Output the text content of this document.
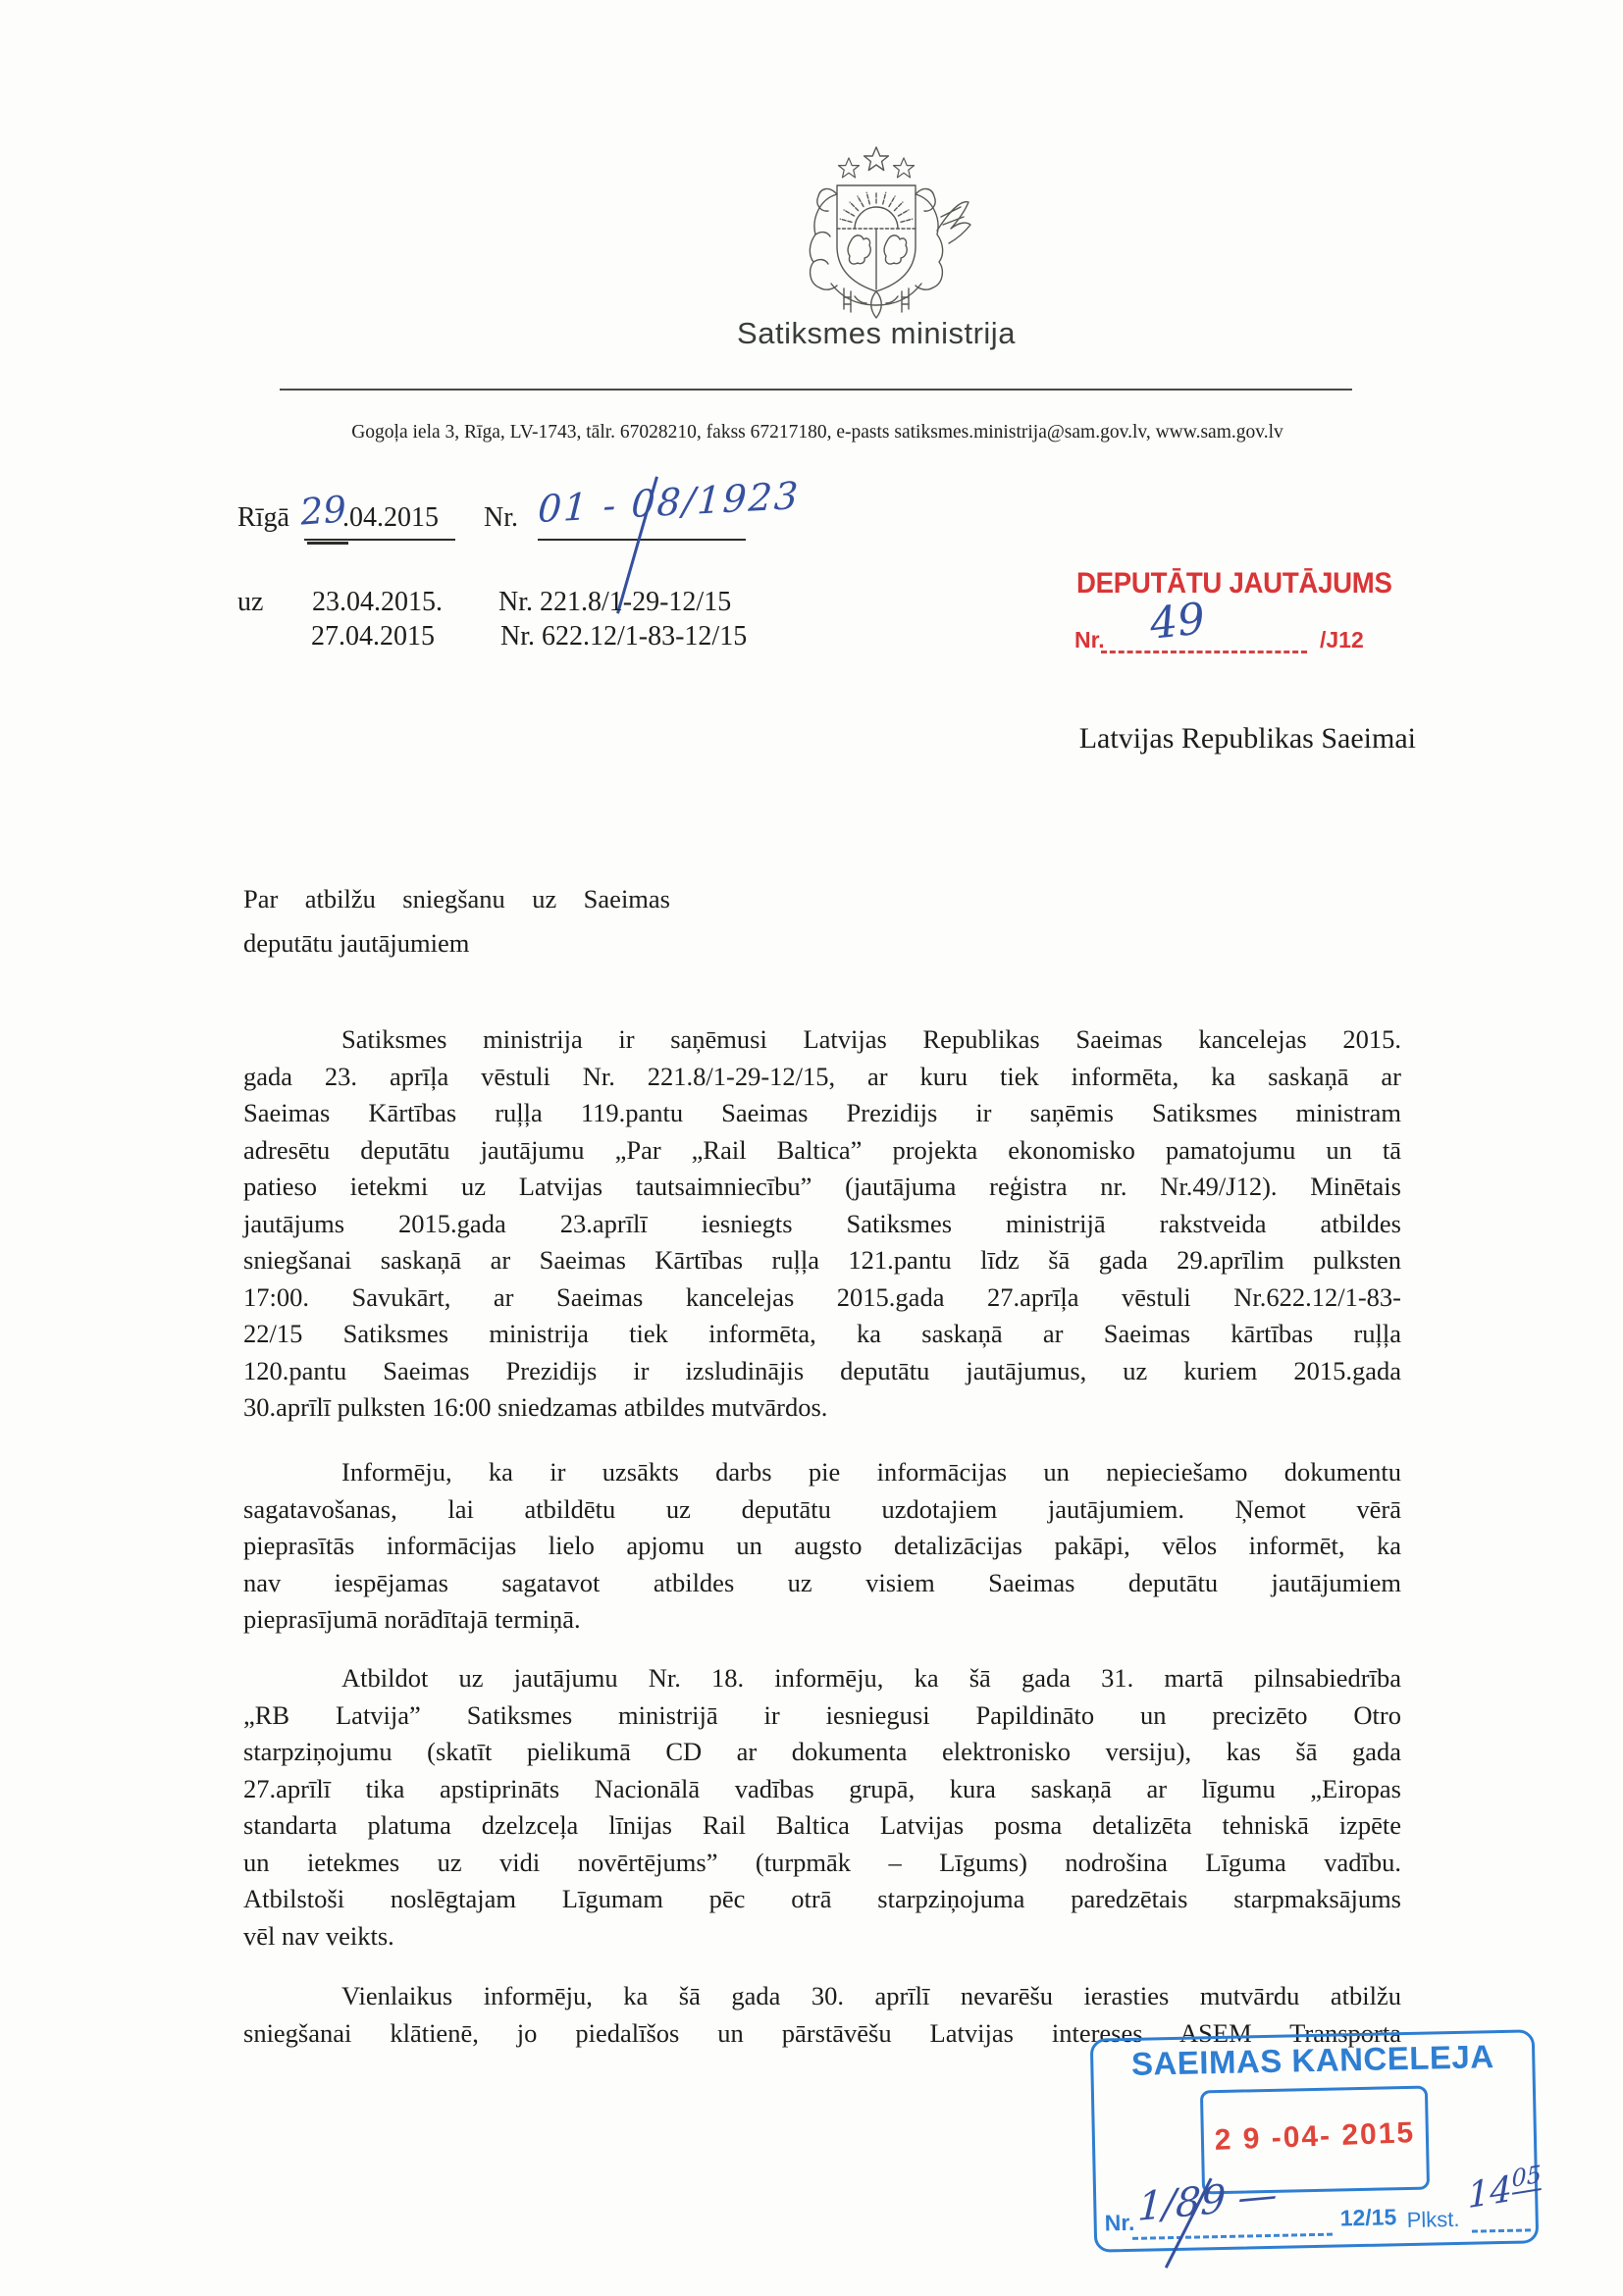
Satiksmes ministrija
Gogoļa iela 3, Rīga, LV-1743, tālr. 67028210, fakss 67217180, e-pasts satiksmes.ministrija@sam.gov.lv, www.sam.gov.lv
Rīgā 29
.04.2015 Nr. 01 - 08/1923
uz 23.04.2015. Nr. 221.8/1-29-12/15
27.04.2015 Nr. 622.12/1-83-12/15
DEPUTĀTU JAUTĀJUMS
Nr.	/J12
49
Latvijas Republikas Saeimai
Par atbilžu sniegšanu uz Saeimas
deputātu jautājumiem
Satiksmes ministrija ir saņēmusi Latvijas Republikas Saeimas kancelejas 2015.
gada 23. aprīļa vēstuli Nr. 221.8/1-29-12/15, ar kuru tiek informēta, ka saskaņā ar
Saeimas Kārtības ruļļa 119.pantu Saeimas Prezidijs ir saņēmis Satiksmes ministram
adresētu deputātu jautājumu „Par „Rail Baltica” projekta ekonomisko pamatojumu un tā
patieso ietekmi uz Latvijas tautsaimniecību” (jautājuma reģistra nr. Nr.49/J12). Minētais
jautājums 2015.gada 23.aprīlī iesniegts Satiksmes ministrijā rakstveida atbildes
sniegšanai saskaņā ar Saeimas Kārtības ruļļa 121.pantu līdz šā gada 29.aprīlim pulksten
17:00. Savukārt, ar Saeimas kancelejas 2015.gada 27.aprīļa vēstuli Nr.622.12/1-83-
22/15 Satiksmes ministrija tiek informēta, ka saskaņā ar Saeimas kārtības ruļļa
120.pantu Saeimas Prezidijs ir izsludinājis deputātu jautājumus, uz kuriem 2015.gada
30.aprīlī pulksten 16:00 sniedzamas atbildes mutvārdos.
Informēju, ka ir uzsākts darbs pie informācijas un nepieciešamo dokumentu
sagatavošanas, lai atbildētu uz deputātu uzdotajiem jautājumiem. Ņemot vērā
pieprasītās informācijas lielo apjomu un augsto detalizācijas pakāpi, vēlos informēt, ka
nav iespējamas sagatavot atbildes uz visiem Saeimas deputātu jautājumiem
pieprasījumā norādītajā termiņā.
Atbildot uz jautājumu Nr. 18. informēju, ka šā gada 31. martā pilnsabiedrība
„RB Latvija” Satiksmes ministrijā ir iesniegusi Papildināto un precizēto Otro
starpziņojumu (skatīt pielikumā CD ar dokumenta elektronisko versiju), kas šā gada
27.aprīlī tika apstiprināts Nacionālā vadības grupā, kura saskaņā ar līgumu „Eiropas
standarta platuma dzelzceļa līnijas Rail Baltica Latvijas posma detalizēta tehniskā izpēte
un ietekmes uz vidi novērtējums” (turpmāk – Līgums) nodrošina Līguma vadību.
Atbilstoši noslēgtajam Līgumam pēc otrā starpziņojuma paredzētais starpmaksājums
vēl nav veikts.
Vienlaikus informēju, ka šā gada 30. aprīlī nevarēšu ierasties mutvārdu atbilžu
sniegšanai klātienē, jo piedalīšos un pārstāvēšu Latvijas intereses ASEM Transporta
SAEIMAS KANCELEJA
2 9 -04- 2015
Nr.	12/15 Plkst.
1/89 —	$14^{05}$
